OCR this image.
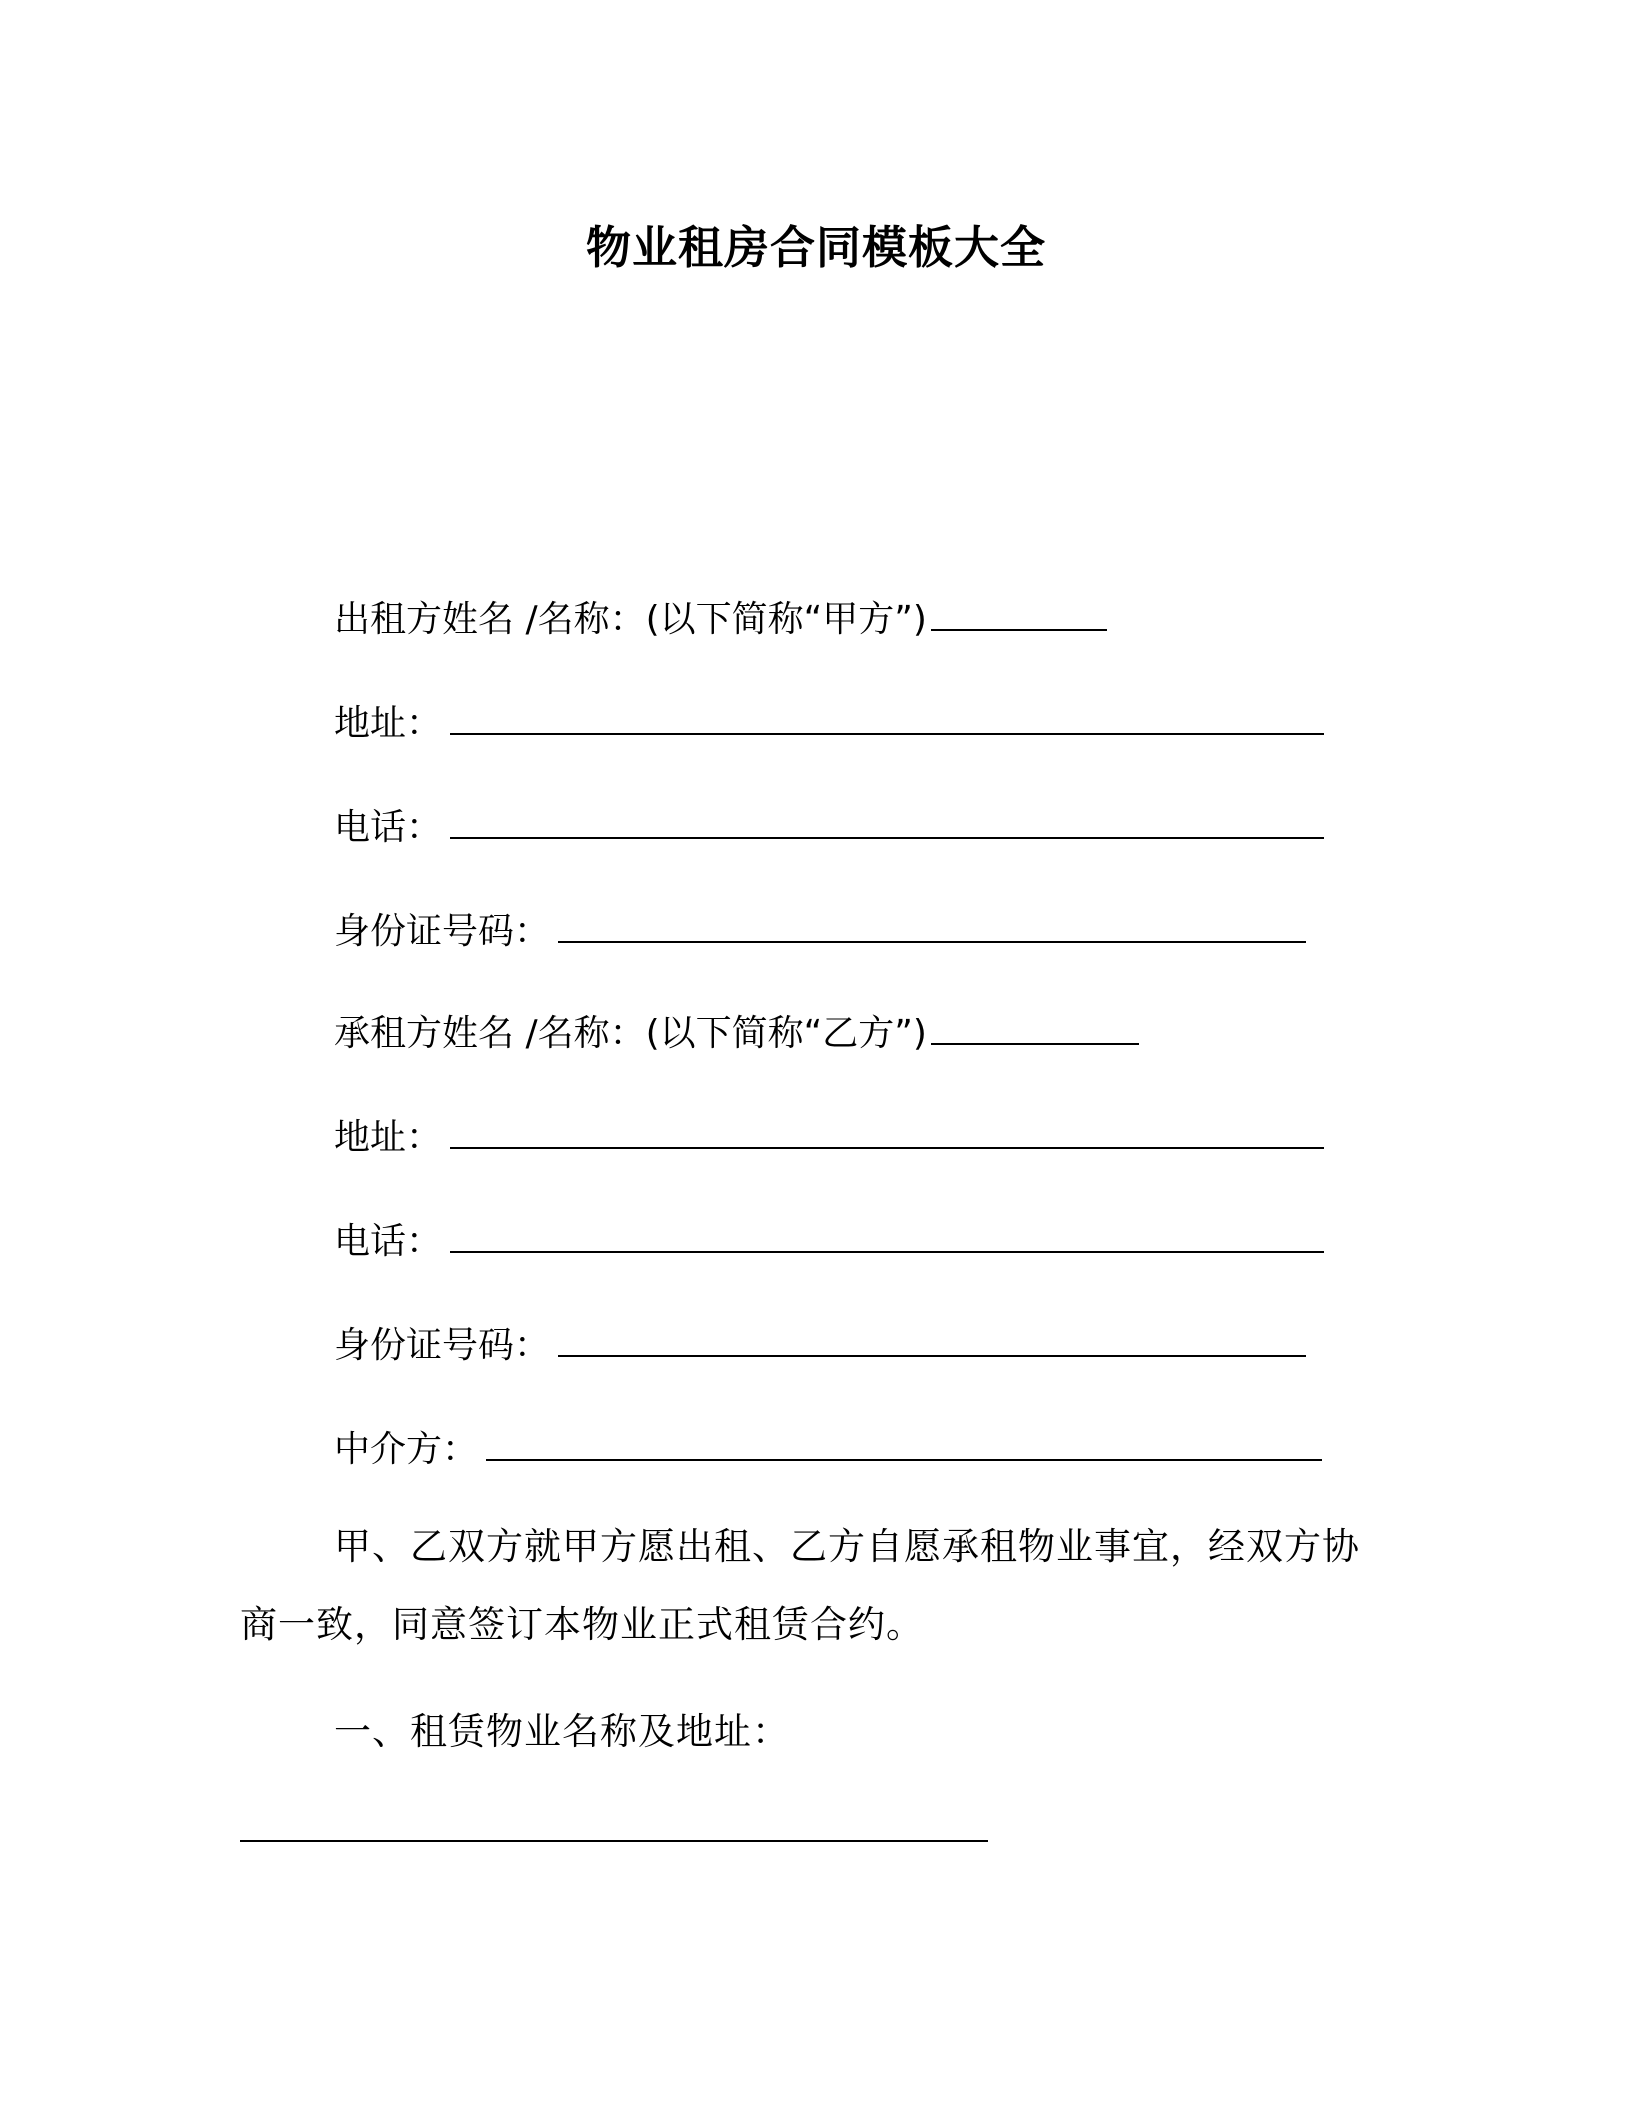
物业租房合同模板大全
出租方姓名 /名称：(以下简称“甲方”)
地址：
电话：
身份证号码：
承租方姓名 /名称：(以下简称“乙方”)
地址：
电话：
身份证号码：
中介方：
甲、乙双方就甲方愿出租、乙方自愿承租物业事宜，经双方协商一致，同意签订本物业正式租赁合约。
一、租赁物业名称及地址：
